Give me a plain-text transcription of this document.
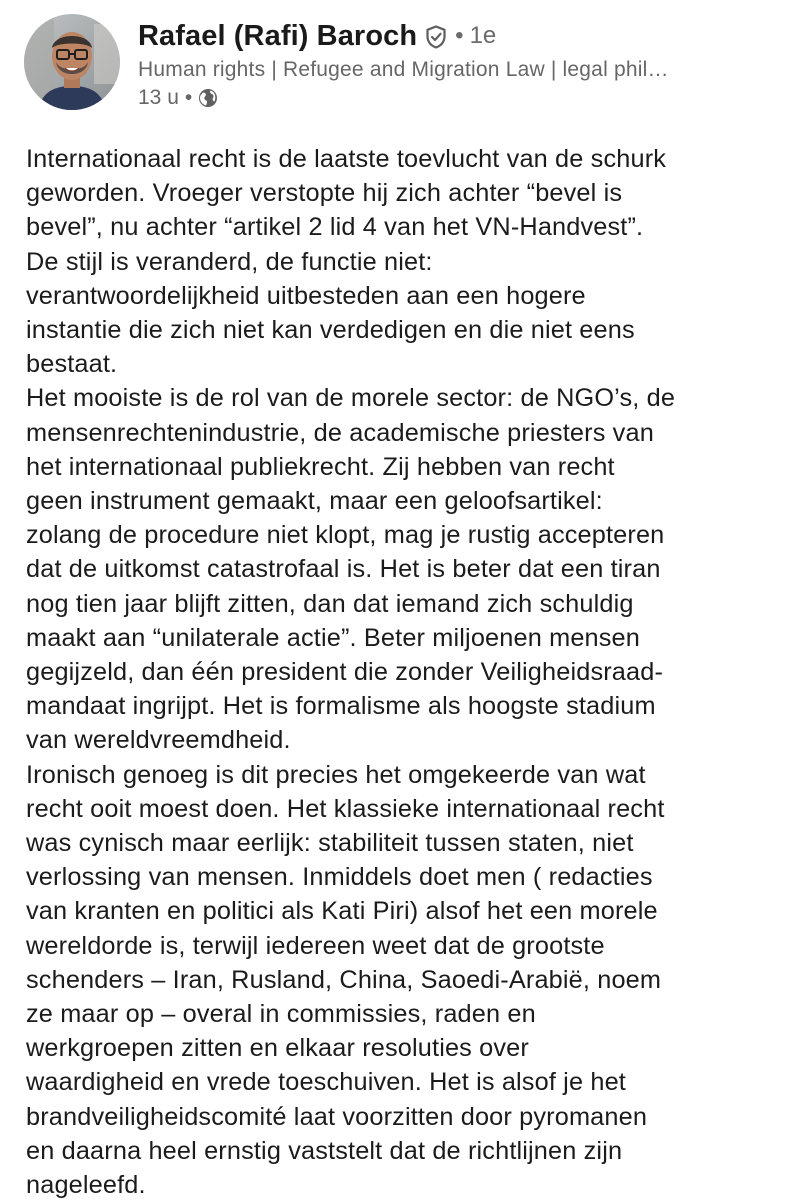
Rafael (Rafi) Baroch • 1e
Human rights | Refugee and Migration Law | legal phil…
13 u •

Internationaal recht is de laatste toevlucht van de schurk
geworden. Vroeger verstopte hij zich achter “bevel is
bevel”, nu achter “artikel 2 lid 4 van het VN-Handvest”.
De stijl is veranderd, de functie niet:
verantwoordelijkheid uitbesteden aan een hogere
instantie die zich niet kan verdedigen en die niet eens
bestaat.

Het mooiste is de rol van de morele sector: de NGO’s, de
mensenrechtenindustrie, de academische priesters van
het internationaal publiekrecht. Zij hebben van recht
geen instrument gemaakt, maar een geloofsartikel:
zolang de procedure niet klopt, mag je rustig accepteren
dat de uitkomst catastrofaal is. Het is beter dat een tiran
nog tien jaar blijft zitten, dan dat iemand zich schuldig
maakt aan “unilaterale actie”. Beter miljoenen mensen
gegijzeld, dan één president die zonder Veiligheidsraad-
mandaat ingrijpt. Het is formalisme als hoogste stadium
van wereldvreemdheid.

Ironisch genoeg is dit precies het omgekeerde van wat
recht ooit moest doen. Het klassieke internationaal recht
was cynisch maar eerlijk: stabiliteit tussen staten, niet
verlossing van mensen. Inmiddels doet men ( redacties
van kranten en politici als Kati Piri) alsof het een morele
wereldorde is, terwijl iedereen weet dat de grootste
schenders – Iran, Rusland, China, Saoedi-Arabië, noem
ze maar op – overal in commissies, raden en
werkgroepen zitten en elkaar resoluties over
waardigheid en vrede toeschuiven. Het is alsof je het
brandveiligheidscomité laat voorzitten door pyromanen
en daarna heel ernstig vaststelt dat de richtlijnen zijn
nageleefd.
